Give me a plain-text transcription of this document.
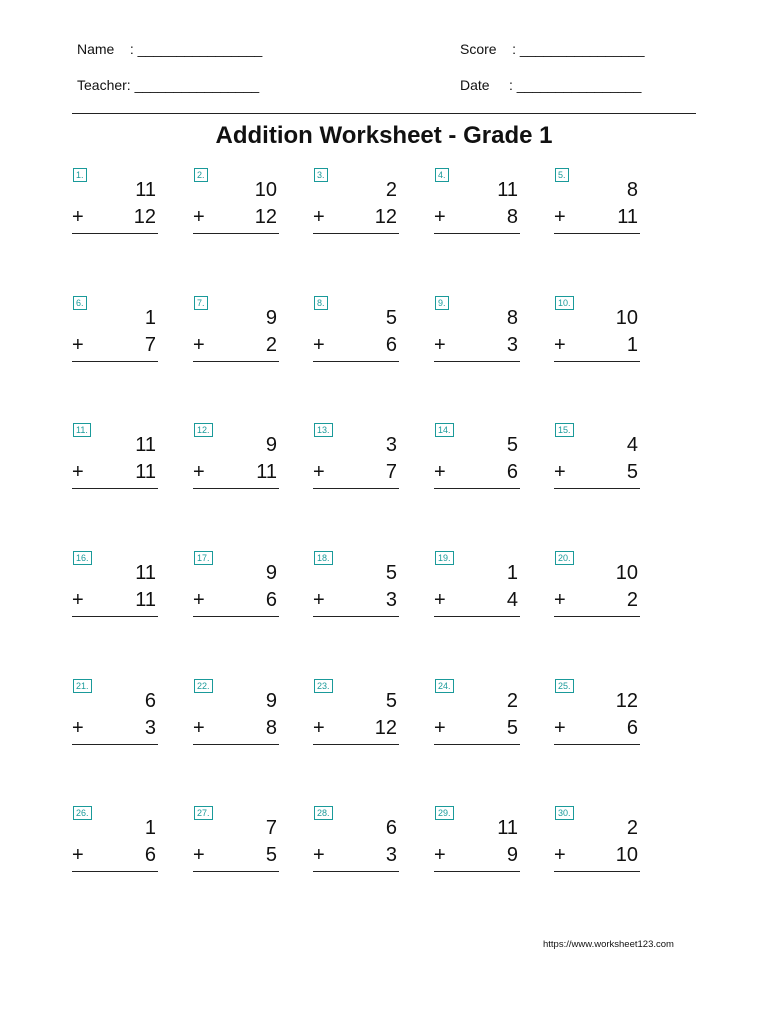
Name    : ________________	Score    : ________________
Teacher: ________________	Date     : ________________
Addition Worksheet - Grade 1
1.
11
+	12
2.
10
+	12
3.
2
+	12
4.
11
+	8
5.
8
+	11
6.
1
+	7
7.
9
+	2
8.
5
+	6
9.
8
+	3
10.
10
+	1
11.
11
+	11
12.
9
+	11
13.
3
+	7
14.
5
+	6
15.
4
+	5
16.
11
+	11
17.
9
+	6
18.
5
+	3
19.
1
+	4
20.
10
+	2
21.
6
+	3
22.
9
+	8
23.
5
+	12
24.
2
+	5
25.
12
+	6
26.
1
+	6
27.
7
+	5
28.
6
+	3
29.
11
+	9
30.
2
+	10
https://www.worksheet123.com
